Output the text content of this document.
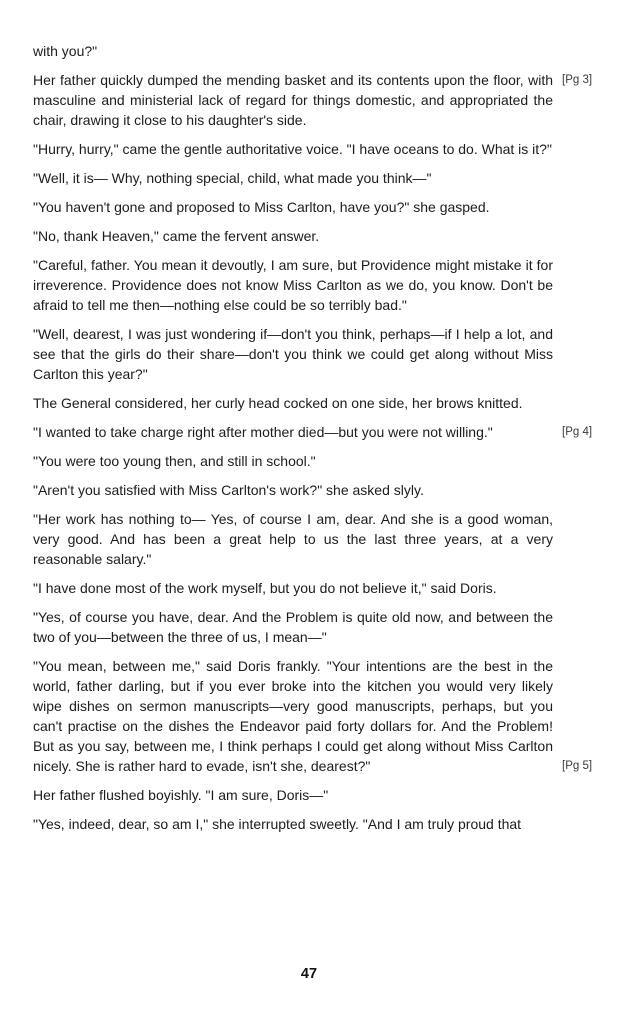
with you?"

Her father quickly dumped the mending basket and its contents upon the floor, with masculine and ministerial lack of regard for things domestic, and appropriated the chair, drawing it close to his daughter's side.
[Pg 3]

"Hurry, hurry," came the gentle authoritative voice. "I have oceans to do. What is it?"

"Well, it is— Why, nothing special, child, what made you think—"

"You haven't gone and proposed to Miss Carlton, have you?" she gasped.

"No, thank Heaven," came the fervent answer.

"Careful, father. You mean it devoutly, I am sure, but Providence might mistake it for irreverence. Providence does not know Miss Carlton as we do, you know. Don't be afraid to tell me then—nothing else could be so terribly bad."

"Well, dearest, I was just wondering if—don't you think, perhaps—if I help a lot, and see that the girls do their share—don't you think we could get along without Miss Carlton this year?"

The General considered, her curly head cocked on one side, her brows knitted.

"I wanted to take charge right after mother died—but you were not willing."	[Pg 4]

"You were too young then, and still in school."

"Aren't you satisfied with Miss Carlton's work?" she asked slyly.

"Her work has nothing to— Yes, of course I am, dear. And she is a good woman, very good. And has been a great help to us the last three years, at a very reasonable salary."

"I have done most of the work myself, but you do not believe it," said Doris.

"Yes, of course you have, dear. And the Problem is quite old now, and between the two of you—between the three of us, I mean—"

"You mean, between me," said Doris frankly. "Your intentions are the best in the world, father darling, but if you ever broke into the kitchen you would very likely wipe dishes on sermon manuscripts—very good manuscripts, perhaps, but you can't practise on the dishes the Endeavor paid forty dollars for. And the Problem! But as you say, between me, I think perhaps I could get along without Miss Carlton nicely. She is rather hard to evade, isn't she, dearest?"	[Pg 5]

Her father flushed boyishly. "I am sure, Doris—"

"Yes, indeed, dear, so am I," she interrupted sweetly. "And I am truly proud that

47
